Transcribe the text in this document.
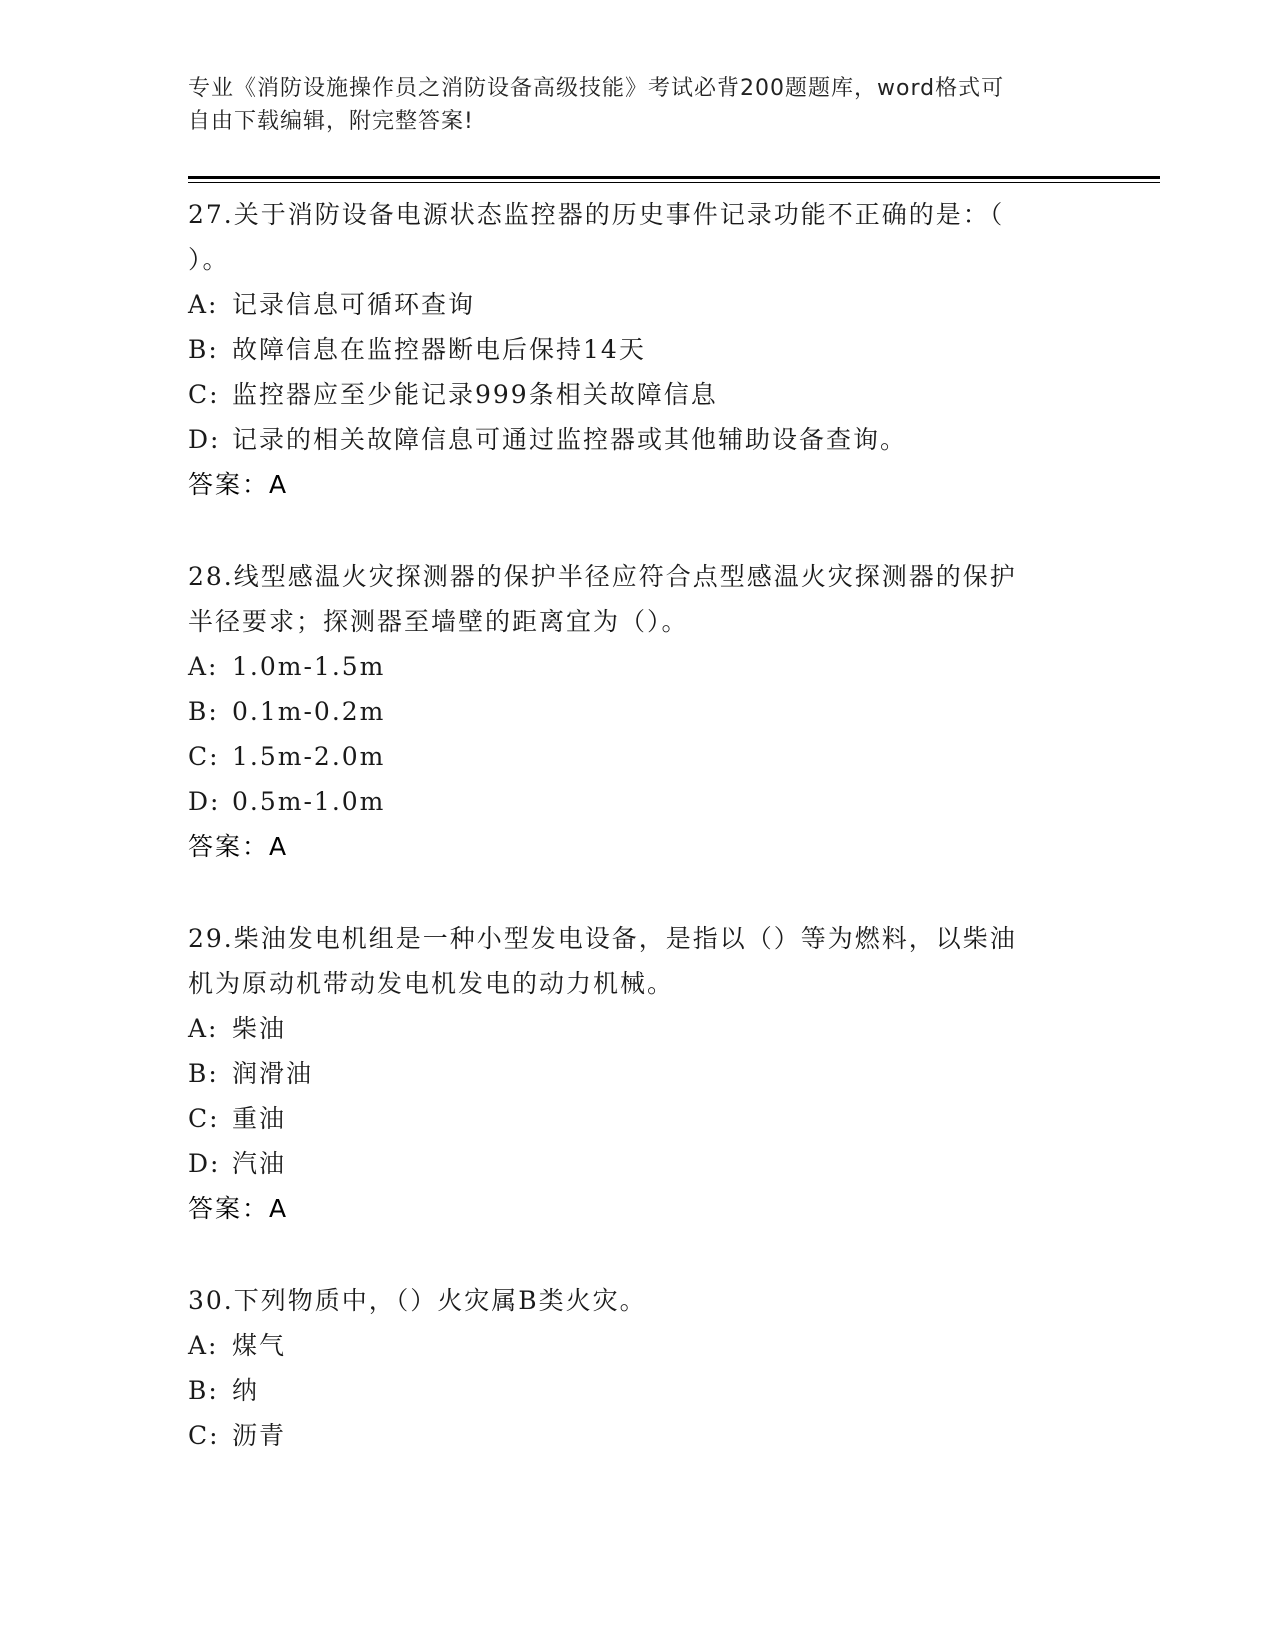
专业《消防设施操作员之消防设备高级技能》考试必背200题题库，word格式可
自由下载编辑，附完整答案!
27.关于消防设备电源状态监控器的历史事件记录功能不正确的是：（
）。
A: 记录信息可循环查询
B: 故障信息在监控器断电后保持14天
C: 监控器应至少能记录999条相关故障信息
D: 记录的相关故障信息可通过监控器或其他辅助设备查询。
答案：A
28.线型感温火灾探测器的保护半径应符合点型感温火灾探测器的保护
半径要求；探测器至墙壁的距离宜为（）。
A: 1.0m-1.5m
B: 0.1m-0.2m
C: 1.5m-2.0m
D: 0.5m-1.0m
答案：A
29.柴油发电机组是一种小型发电设备，是指以（）等为燃料，以柴油
机为原动机带动发电机发电的动力机械。
A: 柴油
B: 润滑油
C: 重油
D: 汽油
答案：A
30.下列物质中，（）火灾属B类火灾。
A: 煤气
B: 纳
C: 沥青
